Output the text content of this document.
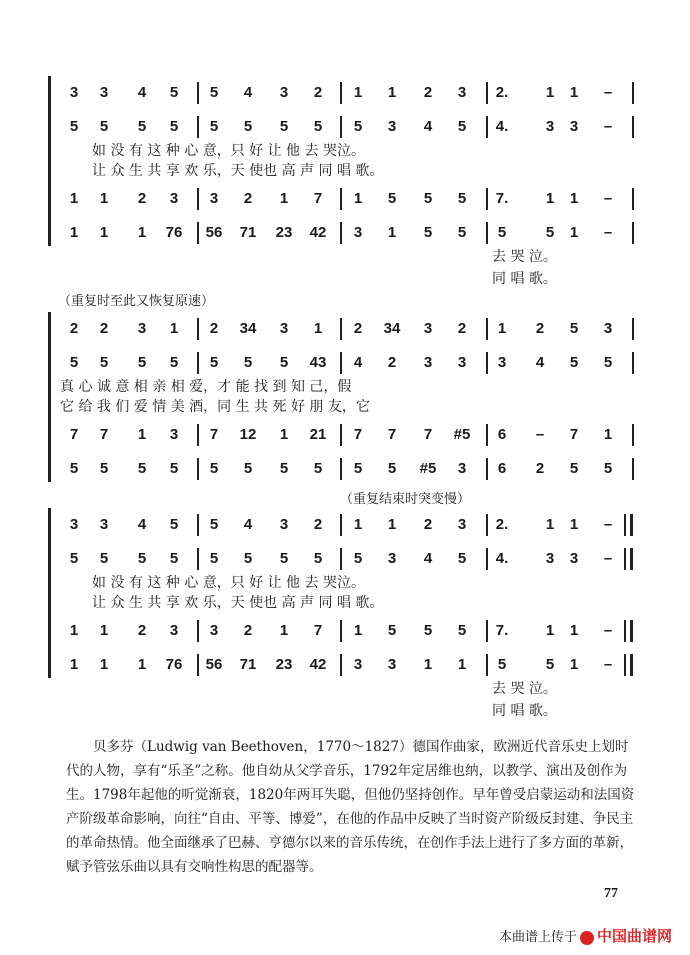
3	3	4	5	5	4	3	2	1	1	2	3	2.	1	1	–
5	5	5	5	5	5	5	5	5	3	4	5	4.	3	3	–
如 没 有 这 种 心 意，只 好 让 他 去 哭泣。
让 众 生 共 享 欢 乐，天 使也 高 声 同 唱 歌。
1	1	2	3	3	2	1	7	1	5	5	5	7.	1	1	–
1	1	1	76 56 71 23 42	3	1	5	5	5	5	1	–
去 哭 泣。
同 唱 歌。
（重复时至此又恢复原速）
2	2	3	1	2	34	3	1	2	34	3	2	1	2	5	3
5	5	5	5	5	5	5	43	4	2	3	3	3	4	5	5
真 心 诚 意 相 亲 相 爱，才 能 找 到 知 己，假
它 给 我 们 爱 情 美 酒，同 生 共 死 好 朋 友，它
7	7	1	3	7	12	1	21	7	7	7	#5	6	–	7	1
5	5	5	5	5	5	5	5	5	5	#5	3	6	2	5	5
（重复结束时突变慢）
3	3	4	5	5	4	3	2	1	1	2	3	2.	1	1	–
5	5	5	5	5	5	5	5	5	3	4	5	4.	3	3	–
如 没 有 这 种 心 意，只 好 让 他 去 哭泣。
让 众 生 共 享 欢 乐，天 使也 高 声 同 唱 歌。
1	1	2	3	3	2	1	7	1	5	5	5	7.	1	1	–
1	1	1	76 56 71 23 42	3	3	1	1	5	5	1	–
去 哭 泣。
同 唱 歌。
贝多芬（Ludwig van Beethoven，1770～1827）德国作曲家，欧洲近代音乐史上划时代的人物，享有“乐圣”之称。他自幼从父学音乐，1792年定居维也纳，以教学、演出及创作为生。1798年起他的听觉渐衰，1820年两耳失聪，但他仍坚持创作。早年曾受启蒙运动和法国资产阶级革命影响，向往“自由、平等、博爱”，在他的作品中反映了当时资产阶级反封建、争民主的革命热情。他全面继承了巴赫、亨德尔以来的音乐传统，在创作手法上进行了多方面的革新，赋予管弦乐曲以具有交响性构思的配器等。
77
本曲谱上传于 中国曲谱网
